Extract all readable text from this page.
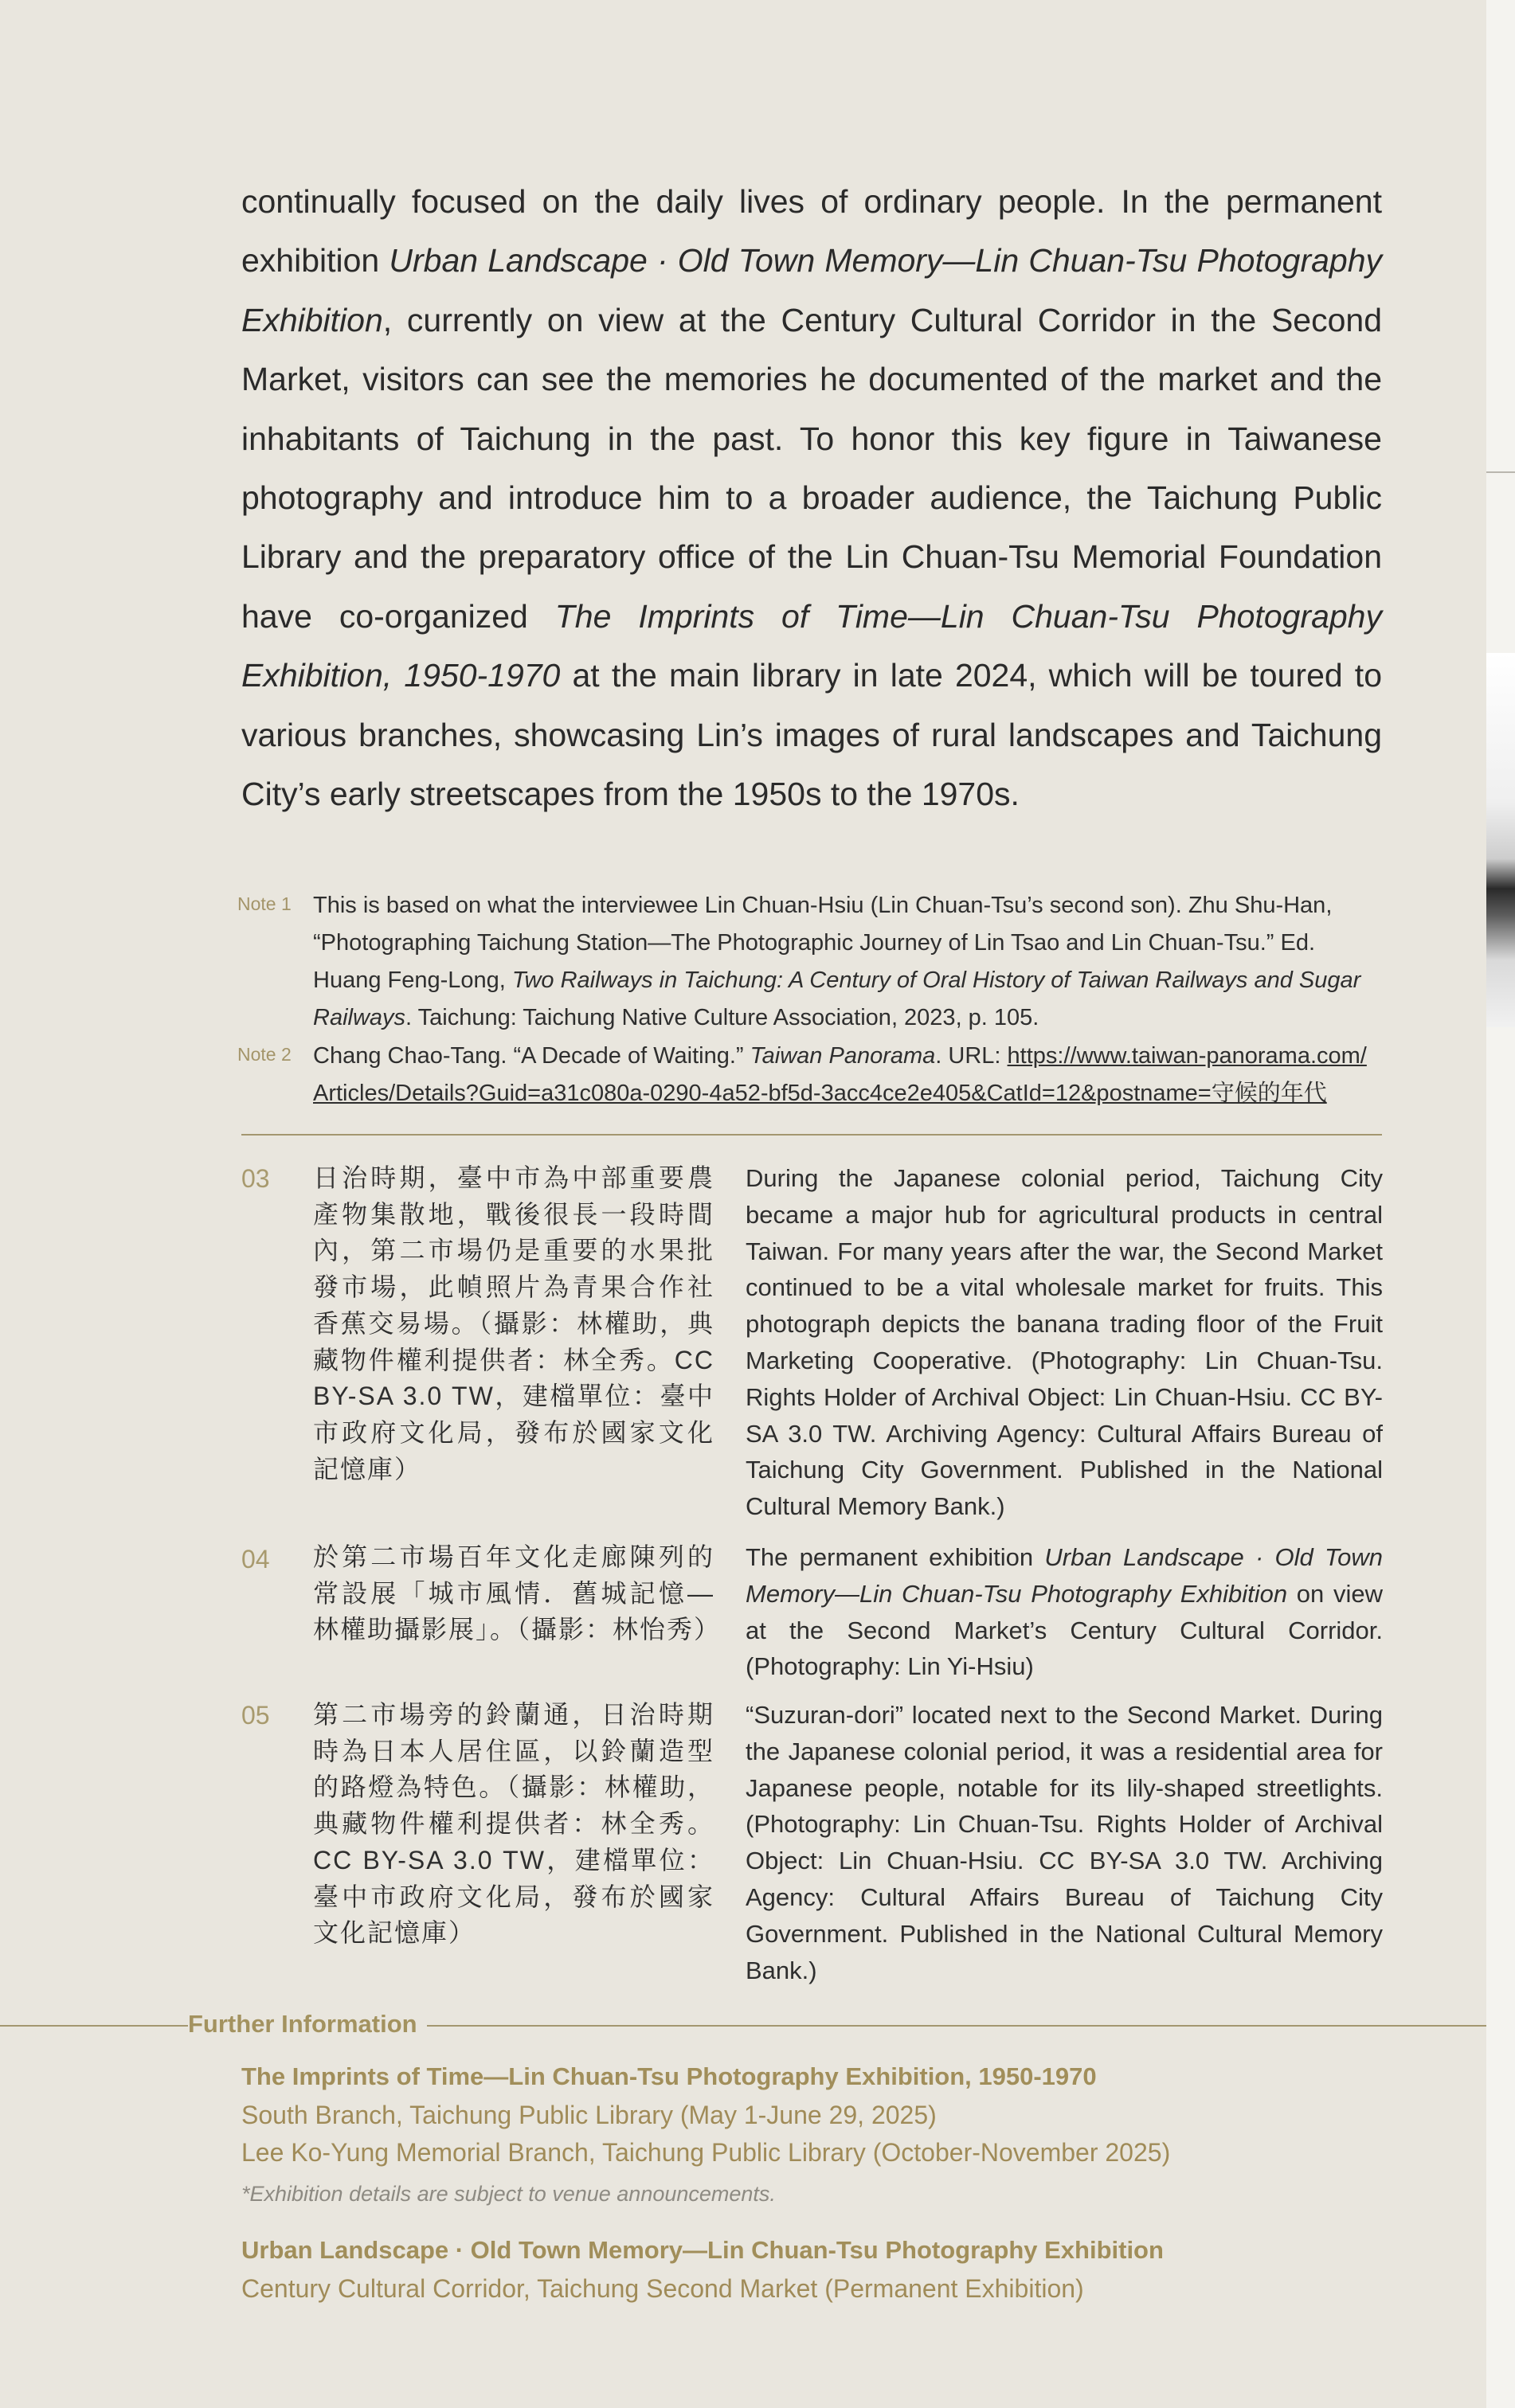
continually focused on the daily lives of ordinary people. In the permanent exhibition Urban Landscape · Old Town Memory—Lin Chuan-Tsu Photography Exhibition, currently on view at the Century Cultural Corridor in the Second Market, visitors can see the memories he documented of the market and the inhabitants of Taichung in the past. To honor this key figure in Taiwanese photography and introduce him to a broader audience, the Taichung Public Library and the preparatory office of the Lin Chuan-Tsu Memorial Foundation have co-organized The Imprints of Time—Lin Chuan-Tsu Photography Exhibition, 1950-1970 at the main library in late 2024, which will be toured to various branches, showcasing Lin’s images of rural landscapes and Taichung City’s early streetscapes from the 1950s to the 1970s.

Note 1 This is based on what the interviewee Lin Chuan-Hsiu (Lin Chuan-Tsu’s second son). Zhu Shu-Han, “Photographing Taichung Station—The Photographic Journey of Lin Tsao and Lin Chuan-Tsu.” Ed. Huang Feng-Long, Two Railways in Taichung: A Century of Oral History of Taiwan Railways and Sugar Railways. Taichung: Taichung Native Culture Association, 2023, p. 105.

Note 2 Chang Chao-Tang. “A Decade of Waiting.” Taiwan Panorama. URL: https://www.taiwan-panorama.com/Articles/Details?Guid=a31c080a-0290-4a52-bf5d-3acc4ce2e405&CatId=12&postname=守候的年代

03 日治時期，臺中市為中部重要農產物集散地，戰後很長一段時間內，第二市場仍是重要的水果批發市場，此幀照片為青果合作社香蕉交易場。（攝影：林權助，典藏物件權利提供者：林全秀。CC BY-SA 3.0 TW，建檔單位：臺中市政府文化局，發布於國家文化記憶庫）

During the Japanese colonial period, Taichung City became a major hub for agricultural products in central Taiwan. For many years after the war, the Second Market continued to be a vital wholesale market for fruits. This photograph depicts the banana trading floor of the Fruit Marketing Cooperative. (Photography: Lin Chuan-Tsu. Rights Holder of Archival Object: Lin Chuan-Hsiu. CC BY-SA 3.0 TW. Archiving Agency: Cultural Affairs Bureau of Taichung City Government. Published in the National Cultural Memory Bank.)

04 於第二市場百年文化走廊陳列的常設展「城市風情．舊城記憶—林權助攝影展」。（攝影：林怡秀）

The permanent exhibition Urban Landscape · Old Town Memory—Lin Chuan-Tsu Photography Exhibition on view at the Second Market’s Century Cultural Corridor. (Photography: Lin Yi-Hsiu)

05 第二市場旁的鈴蘭通，日治時期時為日本人居住區，以鈴蘭造型的路燈為特色。（攝影：林權助，典藏物件權利提供者：林全秀。CC BY-SA 3.0 TW，建檔單位：臺中市政府文化局，發布於國家文化記憶庫）

“Suzuran-dori” located next to the Second Market. During the Japanese colonial period, it was a residential area for Japanese people, notable for its lily-shaped streetlights. (Photography: Lin Chuan-Tsu. Rights Holder of Archival Object: Lin Chuan-Hsiu. CC BY-SA 3.0 TW. Archiving Agency: Cultural Affairs Bureau of Taichung City Government. Published in the National Cultural Memory Bank.)

Further Information
The Imprints of Time—Lin Chuan-Tsu Photography Exhibition, 1950-1970
South Branch, Taichung Public Library (May 1-June 29, 2025)
Lee Ko-Yung Memorial Branch, Taichung Public Library (October-November 2025)
*Exhibition details are subject to venue announcements.
Urban Landscape · Old Town Memory—Lin Chuan-Tsu Photography Exhibition
Century Cultural Corridor, Taichung Second Market (Permanent Exhibition)
